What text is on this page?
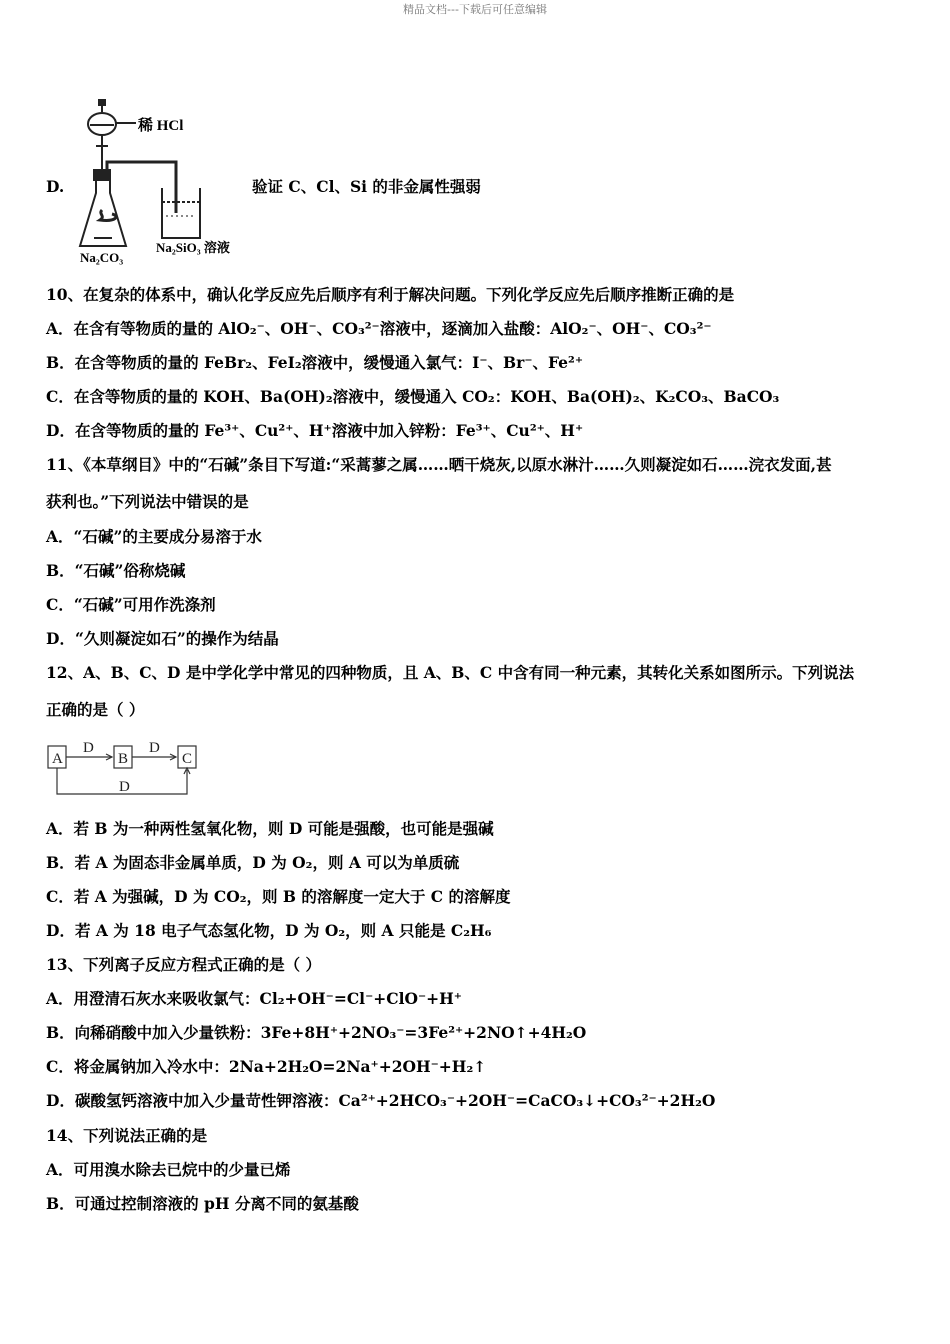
精品文档---下载后可任意编辑
D.
稀 HCl
Na₂CO₃
Na₂SiO₃ 溶液
验证 C、Cl、Si 的非金属性强弱
10、在复杂的体系中，确认化学反应先后顺序有利于解决问题。下列化学反应先后顺序推断正确的是
A．在含有等物质的量的 AlO₂⁻、OH⁻、CO₃²⁻溶液中，逐滴加入盐酸：AlO₂⁻、OH⁻、CO₃²⁻
B．在含等物质的量的 FeBr₂、FeI₂溶液中，缓慢通入氯气：I⁻、Br⁻、Fe²⁺
C．在含等物质的量的 KOH、Ba(OH)₂溶液中，缓慢通入 CO₂：KOH、Ba(OH)₂、K₂CO₃、BaCO₃
D．在含等物质的量的 Fe³⁺、Cu²⁺、H⁺溶液中加入锌粉：Fe³⁺、Cu²⁺、H⁺
11、《本草纲目》中的“石碱”条目下写道:“采蒿蓼之属……晒干烧灰,以原水淋汁……久则凝淀如石……浣衣发面,甚
获利也。”下列说法中错误的是
A．“石碱”的主要成分易溶于水
B．“石碱”俗称烧碱
C．“石碱”可用作洗涤剂
D．“久则凝淀如石”的操作为结晶
12、A、B、C、D 是中学化学中常见的四种物质，且 A、B、C 中含有同一种元素，其转化关系如图所示。下列说法
正确的是（ ）
A	B	C
D	D
D
A．若 B 为一种两性氢氧化物，则 D 可能是强酸，也可能是强碱
B．若 A 为固态非金属单质，D 为 O₂，则 A 可以为单质硫
C．若 A 为强碱，D 为 CO₂，则 B 的溶解度一定大于 C 的溶解度
D．若 A 为 18 电子气态氢化物，D 为 O₂，则 A 只能是 C₂H₆
13、下列离子反应方程式正确的是（ ）
A．用澄清石灰水来吸收氯气：Cl₂+OH⁻=Cl⁻+ClO⁻+H⁺
B．向稀硝酸中加入少量铁粉：3Fe+8H⁺+2NO₃⁻=3Fe²⁺+2NO↑+4H₂O
C．将金属钠加入冷水中：2Na+2H₂O=2Na⁺+2OH⁻+H₂↑
D．碳酸氢钙溶液中加入少量苛性钾溶液：Ca²⁺+2HCO₃⁻+2OH⁻=CaCO₃↓+CO₃²⁻+2H₂O
14、下列说法正确的是
A．可用溴水除去已烷中的少量已烯
B．可通过控制溶液的 pH 分离不同的氨基酸
